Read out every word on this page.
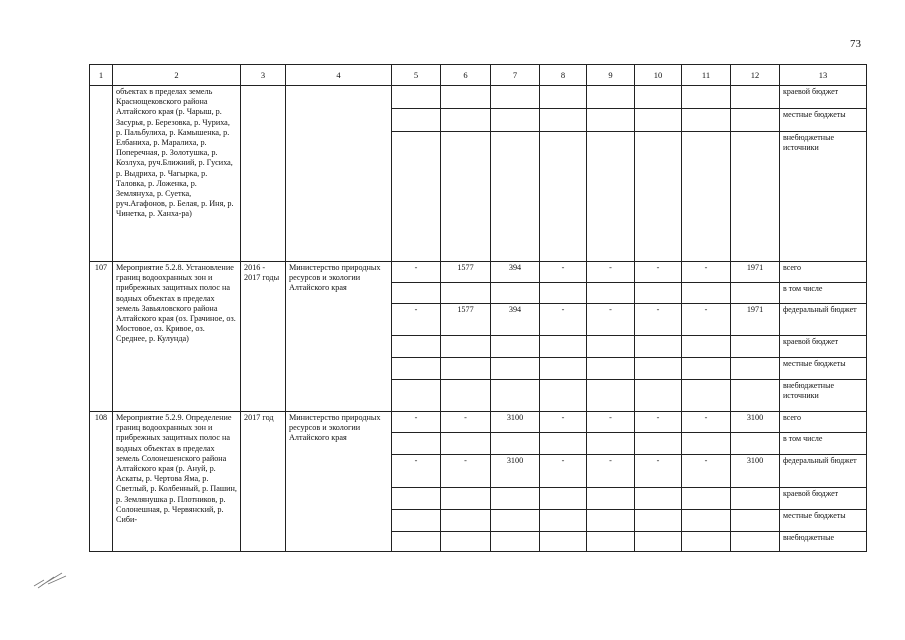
73
1	2	3	4	5	6	7	8	9	10	11	12	13
	объектах в пределах земель Краснощековского района Алтайского края (р. Чарыш, р. Засурья, р. Березовка, р. Чуриха, р. Пальбулиха, р. Камышенка, р. Елбаниха, р. Маралиха, р. Поперечная, р. Золотушка, р. Козлуха, руч.Ближний, р. Гусиха, р. Выдриха, р. Чагырка, р. Таловка, р. Ложенка, р. Землянуха, р. Суетка, руч.Агафонов, р. Белая, р. Иня, р. Чинетка, р. Ханха-ра)											краевой бюджет
												местные бюджеты
												внебюджетные источники
107	Мероприятие 5.2.8. Установление границ водоохранных зон и прибрежных защитных полос на водных объектах в пределах земель Завьяловского района Алтайского края (оз. Грачиное, оз. Мостовое, оз. Кривое, оз. Среднее, р. Кулунда)	2016 - 2017 годы	Министерство природных ресурсов и экологии Алтайского края	-	1577	394	-	-	-	-	1971	всего
												в том числе
				-	1577	394	-	-	-	-	1971	федеральный бюджет
												краевой бюджет
												местные бюджеты
												внебюджетные источники
108	Мероприятие 5.2.9. Определение границ водоохранных зон и прибрежных защитных полос на водных объектах в пределах земель Солонешенского района Алтайского края (р. Ануй, р. Аскаты, р. Чертова Яма, р. Светлый, р. Колбенный, р. Пашин, р. Землянушка р. Плотников, р. Солонешная, р. Червянский, р. Сиби-	2017 год	Министерство природных ресурсов и экологии Алтайского края	-	-	3100	-	-	-	-	3100	всего
												в том числе
				-	-	3100	-	-	-	-	3100	федеральный бюджет
												краевой бюджет
												местные бюджеты
												внебюджетные
